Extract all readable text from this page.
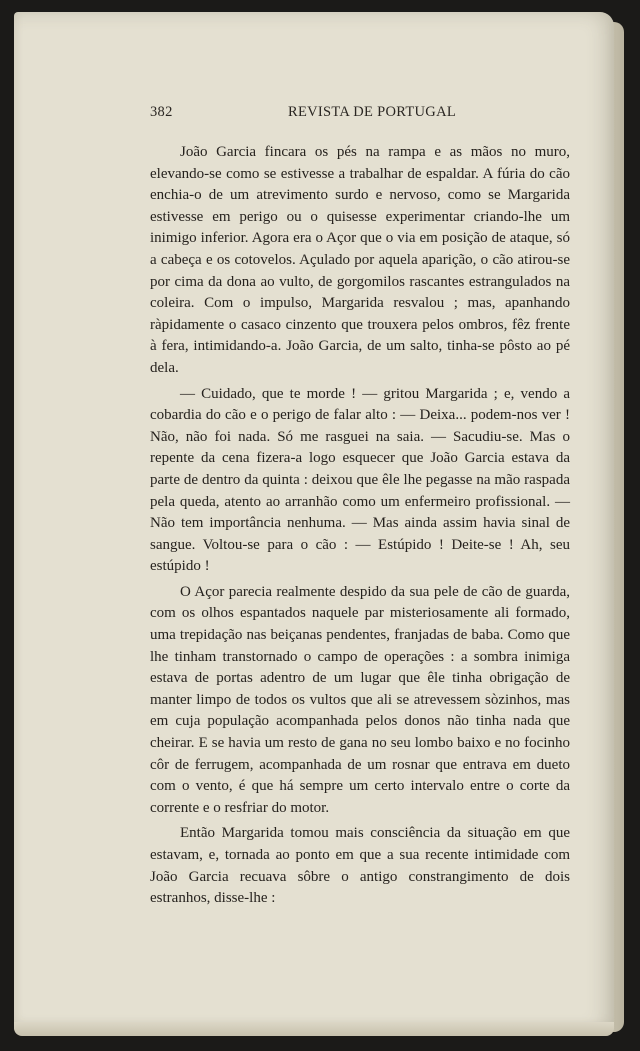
382	REVISTA DE PORTUGAL

João Garcia fincara os pés na rampa e as mãos no muro, elevando-se como se estivesse a trabalhar de espaldar. A fúria do cão enchia-o de um atrevimento surdo e nervoso, como se Margarida estivesse em perigo ou o quisesse experimentar criando-lhe um inimigo inferior. Agora era o Açor que o via em posição de ataque, só a cabeça e os cotovelos. Açulado por aquela aparição, o cão atirou-se por cima da dona ao vulto, de gorgomilos rascantes estrangulados na coleira. Com o impulso, Margarida resvalou ; mas, apanhando ràpidamente o casaco cinzento que trouxera pelos ombros, fêz frente à fera, intimidando-a. João Garcia, de um salto, tinha-se pôsto ao pé dela.

— Cuidado, que te morde ! — gritou Margarida ; e, vendo a cobardia do cão e o perigo de falar alto : — Deixa... podem-nos ver ! Não, não foi nada. Só me rasguei na saia. — Sacudiu-se. Mas o repente da cena fizera-a logo esquecer que João Garcia estava da parte de dentro da quinta : deixou que êle lhe pegasse na mão raspada pela queda, atento ao arranhão como um enfermeiro profissional. — Não tem importância nenhuma. — Mas ainda assim havia sinal de sangue. Voltou-se para o cão : — Estúpido ! Deite-se ! Ah, seu estúpido !

O Açor parecia realmente despido da sua pele de cão de guarda, com os olhos espantados naquele par misteriosamente ali formado, uma trepidação nas beiçanas pendentes, franjadas de baba. Como que lhe tinham transtornado o campo de operações : a sombra inimiga estava de portas adentro de um lugar que êle tinha obrigação de manter limpo de todos os vultos que ali se atrevessem sòzinhos, mas em cuja população acompanhada pelos donos não tinha nada que cheirar. E se havia um resto de gana no seu lombo baixo e no focinho côr de ferrugem, acompanhada de um rosnar que entrava em dueto com o vento, é que há sempre um certo intervalo entre o corte da corrente e o resfriar do motor.

Então Margarida tomou mais consciência da situação em que estavam, e, tornada ao ponto em que a sua recente intimidade com João Garcia recuava sôbre o antigo constrangimento de dois estranhos, disse-lhe :
